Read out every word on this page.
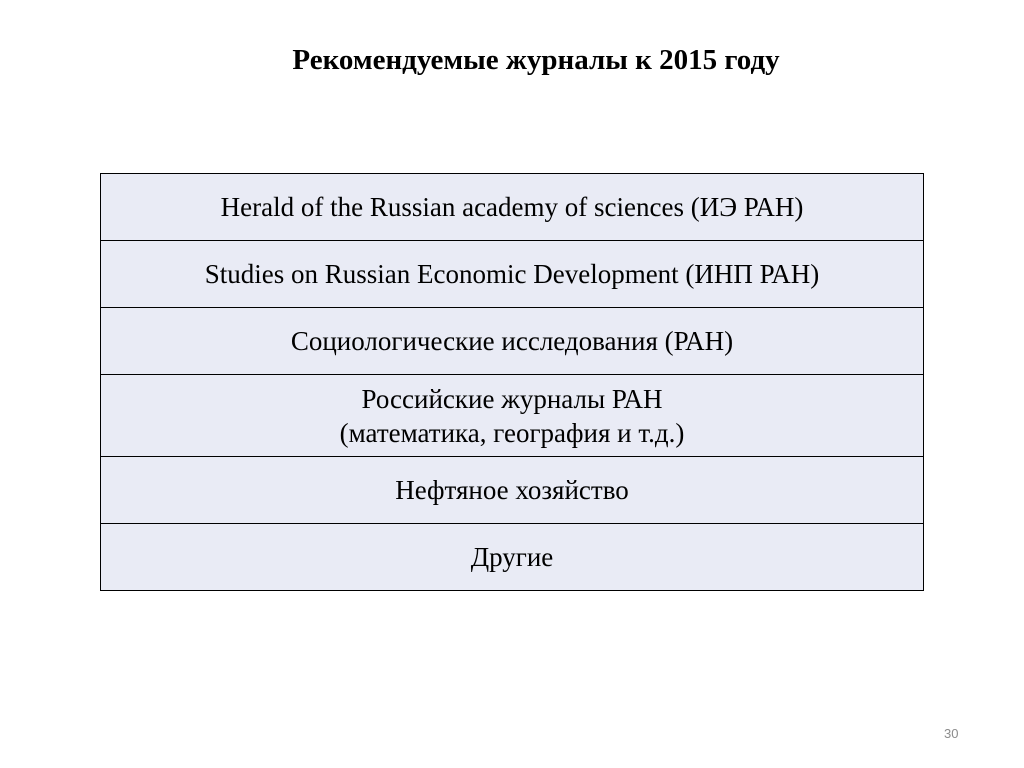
Рекомендуемые журналы к 2015 году
Herald of the Russian academy of sciences (ИЭ РАН)

Studies on Russian Economic Development (ИНП РАН)

Социологические исследования (РАН)

Российские журналы РАН
(математика, география и т.д.)

Нефтяное хозяйство

Другие
30
